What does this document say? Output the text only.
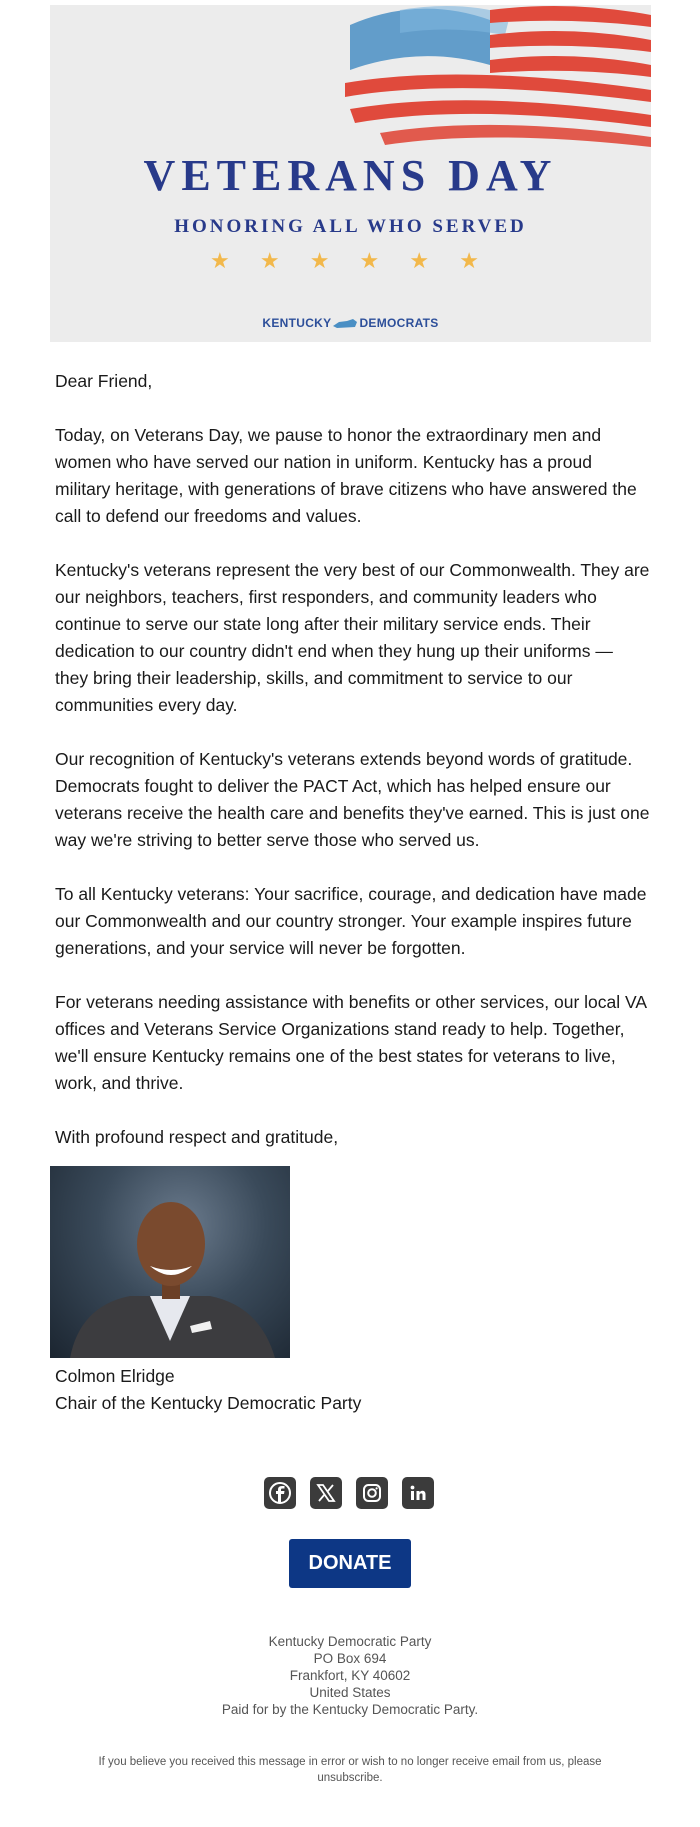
VETERANS DAY
HONORING ALL WHO SERVED
★ ★ ★ ★ ★ ★
KENTUCKY DEMOCRATS

Dear Friend,

Today, on Veterans Day, we pause to honor the extraordinary men and women who have served our nation in uniform. Kentucky has a proud military heritage, with generations of brave citizens who have answered the call to defend our freedoms and values.

Kentucky's veterans represent the very best of our Commonwealth. They are our neighbors, teachers, first responders, and community leaders who continue to serve our state long after their military service ends. Their dedication to our country didn't end when they hung up their uniforms — they bring their leadership, skills, and commitment to service to our communities every day.

Our recognition of Kentucky's veterans extends beyond words of gratitude. Democrats fought to deliver the PACT Act, which has helped ensure our veterans receive the health care and benefits they've earned. This is just one way we're striving to better serve those who served us.

To all Kentucky veterans: Your sacrifice, courage, and dedication have made our Commonwealth and our country stronger. Your example inspires future generations, and your service will never be forgotten.

For veterans needing assistance with benefits or other services, our local VA offices and Veterans Service Organizations stand ready to help. Together, we'll ensure Kentucky remains one of the best states for veterans to live, work, and thrive.

With profound respect and gratitude,

Colmon Elridge
Chair of the Kentucky Democratic Party
DONATE
Kentucky Democratic Party
PO Box 694
Frankfort, KY 40602
United States
Paid for by the Kentucky Democratic Party.
If you believe you received this message in error or wish to no longer receive email from us, please unsubscribe.
